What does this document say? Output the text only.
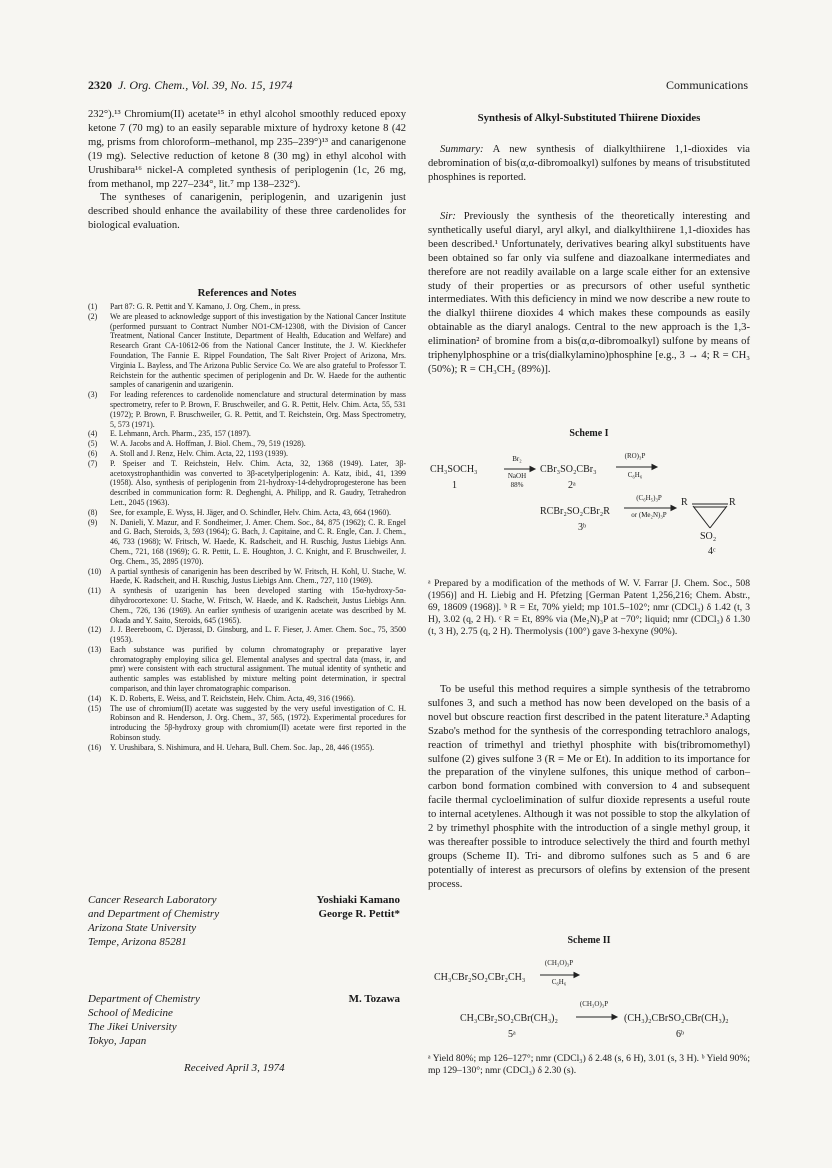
2320 J. Org. Chem., Vol. 39, No. 15, 1974	Communications

232°).¹³ Chromium(II) acetate¹⁵ in ethyl alcohol smoothly reduced epoxy ketone 7 (70 mg) to an easily separable mixture of hydroxy ketone 8 (42 mg, prisms from chloroform–methanol, mp 235–239°)¹³ and canarigenone (19 mg). Selective reduction of ketone 8 (30 mg) in ethyl alcohol with Urushibara¹⁶ nickel-A completed synthesis of periplogenin (1c, 26 mg, from methanol, mp 227–234°, lit.⁷ mp 138–232°).

The syntheses of canarigenin, periplogenin, and uzarigenin just described should enhance the availability of these three cardenolides for biological evaluation.

References and Notes
(1)	Part 87: G. R. Pettit and Y. Kamano, J. Org. Chem., in press.
(2)	We are pleased to acknowledge support of this investigation by the National Cancer Institute (performed pursuant to Contract Number NO1-CM-12308, with the Division of Cancer Treatment, National Cancer Institute, Department of Health, Education and Welfare) and Research Grant CA-10612-06 from the National Cancer Institute, the J. W. Kieckhefer Foundation, The Fannie E. Rippel Foundation, The Salt River Project of Arizona, Mrs. Virginia L. Bayless, and The Arizona Public Service Co. We are also grateful to Professor T. Reichstein for the authentic specimen of periplogenin and Dr. W. Haede for the authentic samples of canarigenin and uzarigenin.
(3)	For leading references to cardenolide nomenclature and structural determination by mass spectrometry, refer to P. Brown, F. Bruschweiler, and G. R. Pettit, Helv. Chim. Acta, 55, 531 (1972); P. Brown, F. Bruschweiler, G. R. Pettit, and T. Reichstein, Org. Mass Spectrometry, 5, 573 (1971).
(4)	E. Lehmann, Arch. Pharm., 235, 157 (1897).
(5)	W. A. Jacobs and A. Hoffman, J. Biol. Chem., 79, 519 (1928).
(6)	A. Stoll and J. Renz, Helv. Chim. Acta, 22, 1193 (1939).
(7)	P. Speiser and T. Reichstein, Helv. Chim. Acta, 32, 1368 (1949). Later, 3β-acetoxystrophanthidin was converted to 3β-acetylperiplogenin: A. Katz, ibid., 41, 1399 (1958). Also, synthesis of periplogenin from 21-hydroxy-14-dehydroprogesterone has been described in communication form: R. Deghenghi, A. Philipp, and R. Gaudry, Tetrahedron Lett., 2045 (1963).
(8)	See, for example, E. Wyss, H. Jäger, and O. Schindler, Helv. Chim. Acta, 43, 664 (1960).
(9)	N. Danieli, Y. Mazur, and F. Sondheimer, J. Amer. Chem. Soc., 84, 875 (1962); C. R. Engel and G. Bach, Steroids, 3, 593 (1964); G. Bach, J. Capitaine, and C. R. Engle, Can. J. Chem., 46, 733 (1968); W. Fritsch, W. Haede, K. Radscheit, and H. Ruschig, Justus Liebigs Ann. Chem., 721, 168 (1969); G. R. Pettit, L. E. Houghton, J. C. Knight, and F. Bruschweiler, J. Org. Chem., 35, 2895 (1970).
(10)	A partial synthesis of canarigenin has been described by W. Fritsch, H. Kohl, U. Stache, W. Haede, K. Radscheit, and H. Ruschig, Justus Liebigs Ann. Chem., 727, 110 (1969).
(11)	A synthesis of uzarigenin has been developed starting with 15α-hydroxy-5α-dihydrocortexone: U. Stache, W. Fritsch, W. Haede, and K. Radscheit, Justus Liebigs Ann. Chem., 726, 136 (1969). An earlier synthesis of uzarigenin acetate was described by M. Okada and Y. Saito, Steroids, 645 (1965).
(12)	J. J. Beereboom, C. Djerassi, D. Ginsburg, and L. F. Fieser, J. Amer. Chem. Soc., 75, 3500 (1953).
(13)	Each substance was purified by column chromatography or preparative layer chromatography employing silica gel. Elemental analyses and spectral data (mass, ir, and pmr) were consistent with each structural assignment. The mutual identity of synthetic and authentic samples was established by mixture melting point determination, ir spectral comparison, and thin layer chromatographic comparison.
(14)	K. D. Roberts, E. Weiss, and T. Reichstein, Helv. Chim. Acta, 49, 316 (1966).
(15)	The use of chromium(II) acetate was suggested by the very useful investigation of C. H. Robinson and R. Henderson, J. Org. Chem., 37, 565, (1972). Experimental procedures for introducing the 5β-hydroxy group with chromium(II) acetate were first reported in the Robinson study.
(16)	Y. Urushibara, S. Nishimura, and H. Uehara, Bull. Chem. Soc. Jap., 28, 446 (1955).
Cancer Research Laboratory
and Department of Chemistry
Arizona State University
Tempe, Arizona 85281
Yoshiaki Kamano
George R. Pettit*
Department of Chemistry
School of Medicine
The Jikei University
Tokyo, Japan
M. Tozawa
Received April 3, 1974
Synthesis of Alkyl-Substituted Thiirene Dioxides

Summary: A new synthesis of dialkylthiirene 1,1-dioxides via debromination of bis(α,α-dibromoalkyl) sulfones by means of trisubstituted phosphines is reported.

Sir: Previously the synthesis of the theoretically interesting and synthetically useful diaryl, aryl alkyl, and dialkylthiirene 1,1-dioxides has been described.¹ Unfortunately, derivatives bearing alkyl substituents have been obtained so far only via sulfene and diazoalkane intermediates and therefore are not readily available on a large scale either for an extensive study of their properties or as precursors of other useful synthetic intermediates. With this deficiency in mind we now describe a new route to the dialkyl thiirene dioxides 4 which makes these compounds as easily obtainable as the diaryl analogs. Central to the new approach is the 1,3-elimination² of bromine from a bis(α,α-dibromoalkyl) sulfone by means of triphenylphosphine or a tris(dialkylamino)phosphine [e.g., 3 → 4; R = CH₃ (50%); R = CH₃CH₂ (89%)].

Scheme I
CH₃SOCH₃
1
Br₂
NaOH
88%
CBr₃SO₂CBr₃
2ᵃ
(RO)₃P
C₆H₆
RCBr₂SO₂CBr₂R
3ᵇ
(C₆H₅)₃P
or (Me₂N)₃P
R	R
SO₂
4ᶜ
ᵃ Prepared by a modification of the methods of W. V. Farrar [J. Chem. Soc., 508 (1956)] and H. Liebig and H. Pfetzing [German Patent 1,256,216; Chem. Abstr., 69, 18609 (1968)]. ᵇ R = Et, 70% yield; mp 101.5–102°; nmr (CDCl₃) δ 1.42 (t, 3 H), 3.02 (q, 2 H). ᶜ R = Et, 89% via (Me₂N)₃P at −70°; liquid; nmr (CDCl₃) δ 1.30 (t, 3 H), 2.75 (q, 2 H). Thermolysis (100°) gave 3-hexyne (90%).

To be useful this method requires a simple synthesis of the tetrabromo sulfones 3, and such a method has now been developed on the basis of a novel but obscure reaction first described in the patent literature.³ Adapting Szabo's method for the synthesis of the corresponding tetrachloro analogs, reaction of trimethyl and triethyl phosphite with bis(tribromomethyl) sulfone (2) gives sulfone 3 (R = Me or Et). In addition to its importance for the preparation of the vinylene sulfones, this unique method of carbon–carbon bond formation combined with conversion to 4 and subsequent facile thermal cycloelimination of sulfur dioxide represents a useful route to internal acetylenes. Although it was not possible to stop the alkylation of 2 by trimethyl phosphite with the introduction of a single methyl group, it was thereafter possible to introduce selectively the third and fourth methyl groups (Scheme II). Tri- and dibromo sulfones such as 5 and 6 are potentially of interest as precursors of olefins by extension of the present process.

Scheme II
CH₃CBr₂SO₂CBr₂CH₃
(CH₃O)₃P
C₆H₆
CH₃CBr₂SO₂CBr(CH₃)₂
5ᵃ
(CH₃O)₃P
(CH₃)₂CBrSO₂CBr(CH₃)₂
6ᵇ
ᵃ Yield 80%; mp 126–127°; nmr (CDCl₃) δ 2.48 (s, 6 H), 3.01 (s, 3 H). ᵇ Yield 90%; mp 129–130°; nmr (CDCl₃) δ 2.30 (s).
